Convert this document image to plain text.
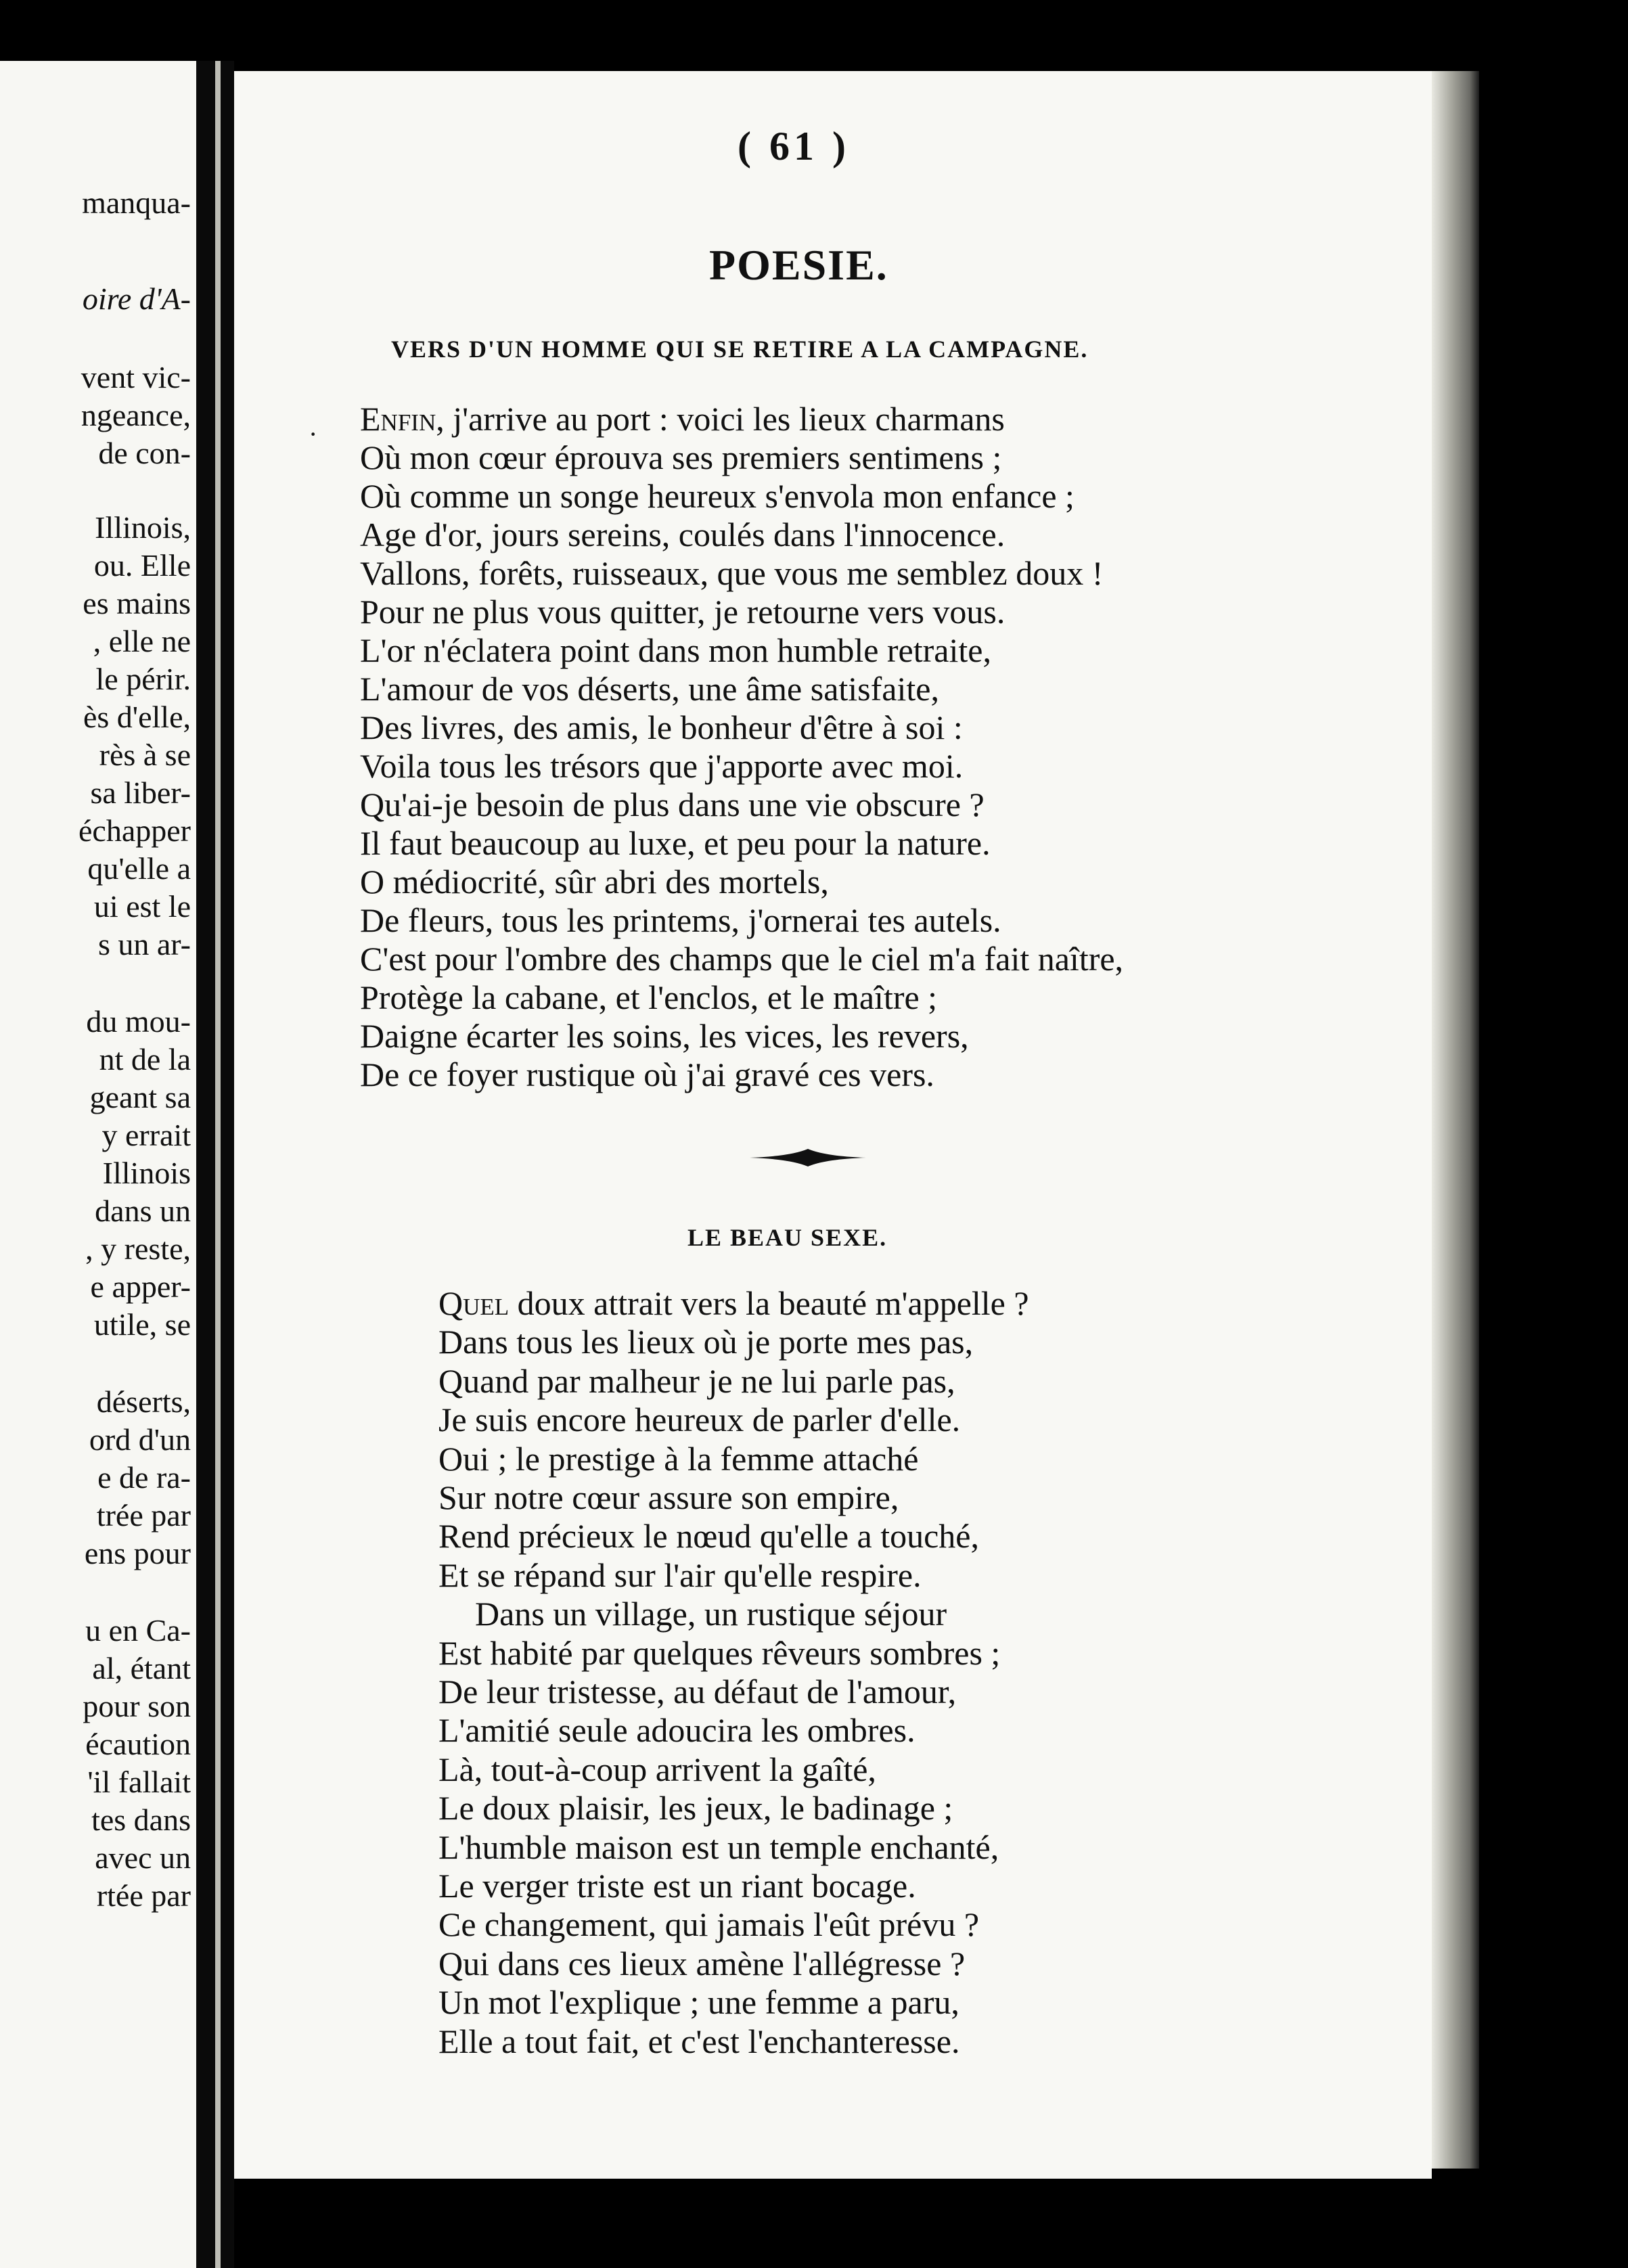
manqua-
vent vic-
ngeance,
de con-
Illinois,
ou. Elle
es mains
, elle ne
le périr.
ès d'elle,
rès à se
sa liber-
échapper
qu'elle a
ui est le
s un ar-
du mou-
nt de la
geant sa
y errait
Illinois
dans un
, y reste,
e apper-
utile, se
déserts,
ord d'un
e de ra-
trée par
ens pour
u en Ca-
al, étant
pour son
écaution
'il fallait
tes dans
avec un
rtée par
oire d'A-
( 61 )
POESIE.
VERS D'UN HOMME QUI SE RETIRE A LA CAMPAGNE.
· Enfin, j'arrive au port : voici les lieux charmans
Où mon cœur éprouva ses premiers sentimens ;
Où comme un songe heureux s'envola mon enfance ;
Age d'or, jours sereins, coulés dans l'innocence.
Vallons, forêts, ruisseaux, que vous me semblez doux !
Pour ne plus vous quitter, je retourne vers vous.
L'or n'éclatera point dans mon humble retraite,
L'amour de vos déserts, une âme satisfaite,
Des livres, des amis, le bonheur d'être à soi :
Voila tous les trésors que j'apporte avec moi.
Qu'ai-je besoin de plus dans une vie obscure ?
Il faut beaucoup au luxe, et peu pour la nature.
O médiocrité, sûr abri des mortels,
De fleurs, tous les printems, j'ornerai tes autels.
C'est pour l'ombre des champs que le ciel m'a fait naître,
Protège la cabane, et l'enclos, et le maître ;
Daigne écarter les soins, les vices, les revers,
De ce foyer rustique où j'ai gravé ces vers.
LE BEAU SEXE.
Quel doux attrait vers la beauté m'appelle ?
Dans tous les lieux où je porte mes pas,
Quand par malheur je ne lui parle pas,
Je suis encore heureux de parler d'elle.
Oui ; le prestige à la femme attaché
Sur notre cœur assure son empire,
Rend précieux le nœud qu'elle a touché,
Et se répand sur l'air qu'elle respire.
Dans un village, un rustique séjour
Est habité par quelques rêveurs sombres ;
De leur tristesse, au défaut de l'amour,
L'amitié seule adoucira les ombres.
Là, tout-à-coup arrivent la gaîté,
Le doux plaisir, les jeux, le badinage ;
L'humble maison est un temple enchanté,
Le verger triste est un riant bocage.
Ce changement, qui jamais l'eût prévu ?
Qui dans ces lieux amène l'allégresse ?
Un mot l'explique ; une femme a paru,
Elle a tout fait, et c'est l'enchanteresse.
